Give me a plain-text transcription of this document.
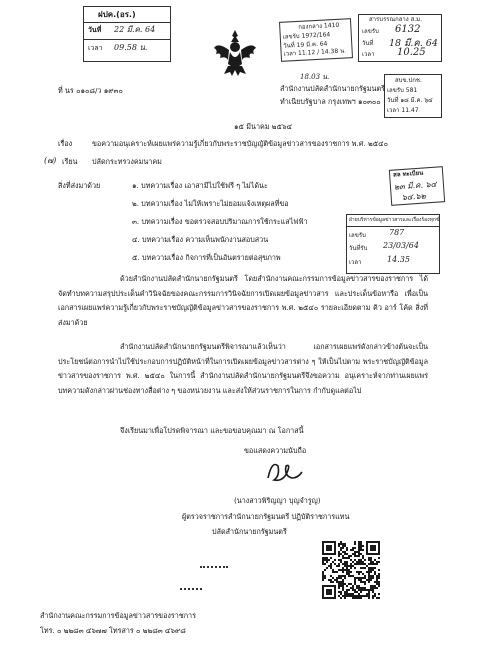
ฝปค.(อร.)
วันที่ 22 มี.ค. 64
เวลา 09.58 น.
กองกลาง 1410
เลขรับ 1972/164
วันที่ 19 มี.ค. 64
เวลา 11.12 / 14.38 น.
สารบรรณกลาง ส.ม.
เลขรับ 6132
วันที่ 18 มี.ค. 64
เวลา 10.25
18.03 น.	สบข.ปกช.
เลขรับ 581
วันที่ ๑๘ มี.ค. ๖๔
เวลา 11.47
ที่ นร ๐๑๐๘/ว ๑๙๓๐	สำนักงานปลัดสำนักนายกรัฐมนตรี
ทำเนียบรัฐบาล กรุงเทพฯ ๑๐๓๐๐
๑๕ มีนาคม ๒๕๖๔
เรื่อง	ขอความอนุเคราะห์เผยแพร่ความรู้เกี่ยวกับพระราชบัญญัติข้อมูลข่าวสารของราชการ พ.ศ. ๒๕๔๐
(๗) เรียน ปลัดกระทรวงคมนาคม
สล ทะเบียน
๒๓ มี.ค. ๖๔
๖๔.๖๒
สิ่งที่ส่งมาด้วย	๑. บทความเรื่อง เอาสามีไปใช้ฟรี ๆ ไม่ได้นะ
๒. บทความเรื่อง ไม่ให้เพราะไม่ยอมแจ้งเหตุผลที่ขอ
๓. บทความเรื่อง ขอตรวจสอบปริมาณการใช้กระแสไฟฟ้า
๔. บทความเรื่อง ความเห็นพนักงานสอบสวน
๕. บทความเรื่อง กิจการที่เป็นอันตรายต่อสุขภาพ
ฝ่ายบริหารข้อมูลข่าวสารและเรื่องร้องทุกข์
เลขรับ	787
วันที่รับ 23/03/64
เวลา	14.35
ด้วยสำนักงานปลัดสำนักนายกรัฐมนตรี โดยสำนักงานคณะกรรมการข้อมูลข่าวสารของราชการ ได้จัดทำบทความสรุปประเด็นคำวินิจฉัยของคณะกรรมการวินิจฉัยการเปิดเผยข้อมูลข่าวสาร และประเด็นข้อหารือ เพื่อเป็นเอกสารเผยแพร่ความรู้เกี่ยวกับพระราชบัญญัติข้อมูลข่าวสารของราชการ พ.ศ. ๒๕๔๐ รายละเอียดตาม คิว อาร์ โค้ด สิ่งที่ส่งมาด้วย
สำนักงานปลัดสำนักนายกรัฐมนตรีพิจารณาแล้วเห็นว่า เอกสารเผยแพร่ดังกล่าวข้างต้นจะเป็น ประโยชน์ต่อการนำไปใช้ประกอบการปฏิบัติหน้าที่ในการเปิดเผยข้อมูลข่าวสารต่าง ๆ ให้เป็นไปตาม พระราชบัญญัติข้อมูลข่าวสารของราชการ พ.ศ. ๒๕๔๐ ในการนี้ สำนักงานปลัดสำนักนายกรัฐมนตรีจึงขอความ อนุเคราะห์จากท่านเผยแพร่บทความดังกล่าวผ่านช่องทางสื่อต่าง ๆ ของหน่วยงาน และส่งให้ส่วนราชการในการ กำกับดูแลต่อไป
จึงเรียนมาเพื่อโปรดพิจารณา และขอขอบคุณมา ณ โอกาสนี้
ขอแสดงความนับถือ
(นางสาวพิริญญา บุญจำรูญ)
ผู้ตรวจราชการสำนักนายกรัฐมนตรี ปฏิบัติราชการแทน
ปลัดสำนักนายกรัฐมนตรี
สำนักงานคณะกรรมการข้อมูลข่าวสารของราชการ
โทร. ๐ ๒๒๘๓ ๔๖๗๗ โทรสาร ๐ ๒๒๘๓ ๔๖๙๘
